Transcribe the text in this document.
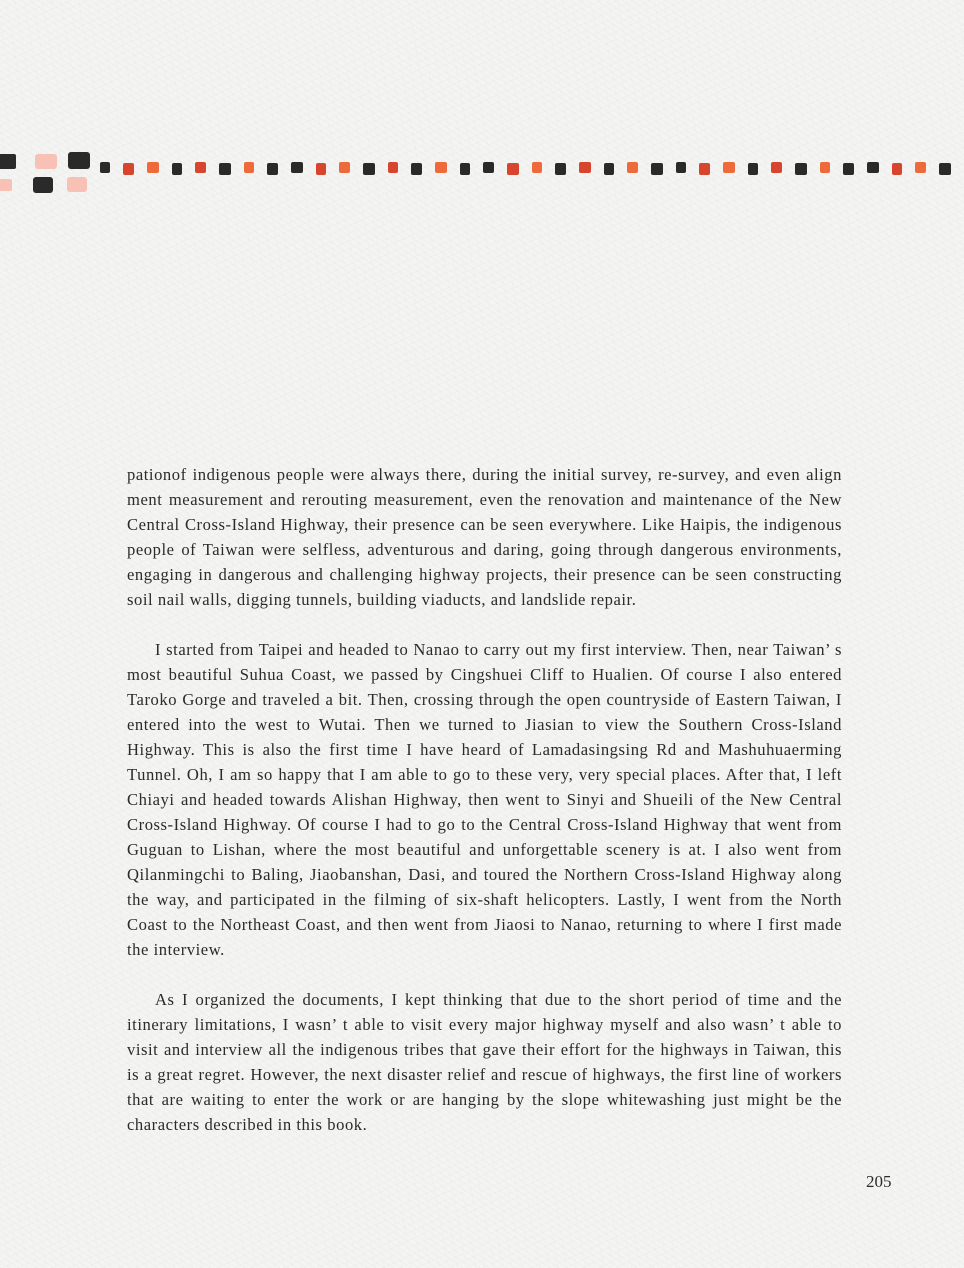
pationof indigenous people were always there, during the initial survey, re-survey, and even align ment measurement and rerouting measurement, even the renovation and maintenance of the New Central Cross-Island Highway, their presence can be seen everywhere. Like Haipis, the indigenous people of Taiwan were selfless, adventurous and daring, going through dangerous environments, engaging in dangerous and challenging highway projects, their presence can be seen constructing soil nail walls, digging tunnels, building viaducts, and landslide repair.

I started from Taipei and headed to Nanao to carry out my first interview. Then, near Taiwan’ s most beautiful Suhua Coast, we passed by Cingshuei Cliff to Hualien. Of course I also entered Taroko Gorge and traveled a bit. Then, crossing through the open countryside of Eastern Taiwan, I entered into the west to Wutai. Then we turned to Jiasian to view the Southern Cross-Island Highway. This is also the first time I have heard of Lamadasingsing Rd and Mashuhuaerming Tunnel. Oh, I am so happy that I am able to go to these very, very special places. After that, I left Chiayi and headed towards Alishan Highway, then went to Sinyi and Shueili of the New Central Cross-Island Highway. Of course I had to go to the Central Cross-Island Highway that went from Guguan to Lishan, where the most beautiful and unforgettable scenery is at. I also went from Qilanmingchi to Baling, Jiaobanshan, Dasi, and toured the Northern Cross-Island Highway along the way, and participated in the filming of six-shaft helicopters. Lastly, I went from the North Coast to the Northeast Coast, and then went from Jiaosi to Nanao, returning to where I first made the interview.

As I organized the documents, I kept thinking that due to the short period of time and the itinerary limitations, I wasn’ t able to visit every major highway myself and also wasn’ t able to visit and interview all the indigenous tribes that gave their effort for the highways in Taiwan, this is a great regret. However, the next disaster relief and rescue of highways, the first line of workers that are waiting to enter the work or are hanging by the slope whitewashing just might be the characters described in this book.

205
